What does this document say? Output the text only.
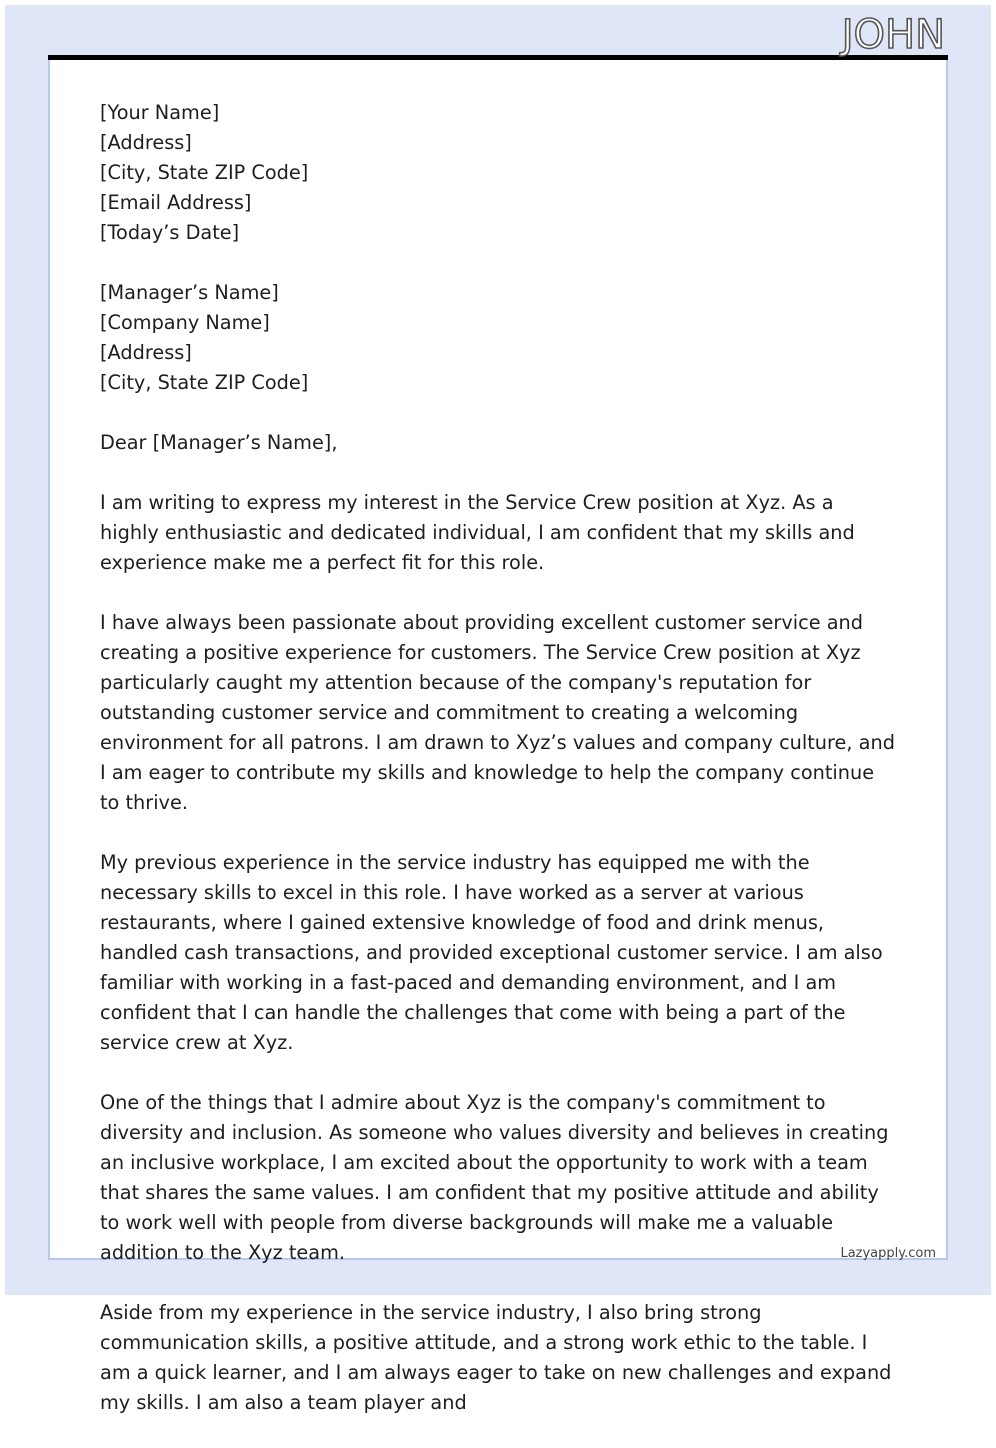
JOHN
[Your Name]
[Address]
[City, State ZIP Code]
[Email Address]
[Today’s Date]
[Manager’s Name]
[Company Name]
[Address]
[City, State ZIP Code]
Dear [Manager’s Name],

I am writing to express my interest in the Service Crew position at Xyz. As a highly enthusiastic and dedicated individual, I am confident that my skills and experience make me a perfect fit for this role.

I have always been passionate about providing excellent customer service and creating a positive experience for customers. The Service Crew position at Xyz particularly caught my attention because of the company's reputation for outstanding customer service and commitment to creating a welcoming environment for all patrons. I am drawn to Xyz’s values and company culture, and I am eager to contribute my skills and knowledge to help the company continue to thrive.

My previous experience in the service industry has equipped me with the necessary skills to excel in this role. I have worked as a server at various restaurants, where I gained extensive knowledge of food and drink menus, handled cash transactions, and provided exceptional customer service. I am also familiar with working in a fast-paced and demanding environment, and I am confident that I can handle the challenges that come with being a part of the service crew at Xyz.

One of the things that I admire about Xyz is the company's commitment to diversity and inclusion. As someone who values diversity and believes in creating an inclusive workplace, I am excited about the opportunity to work with a team that shares the same values. I am confident that my positive attitude and ability to work well with people from diverse backgrounds will make me a valuable addition to the Xyz team.

Aside from my experience in the service industry, I also bring strong communication skills, a positive attitude, and a strong work ethic to the table. I am a quick learner, and I am always eager to take on new challenges and expand my skills. I am also a team player and

Lazyapply.com
